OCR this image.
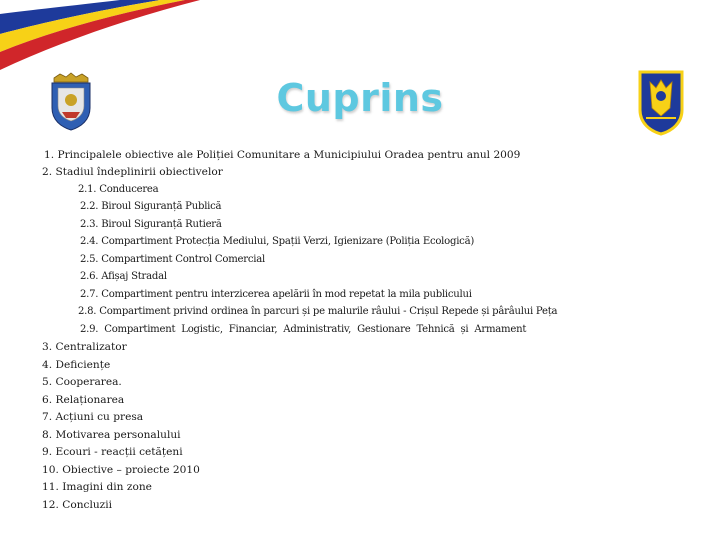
Cuprins
1. Principalele obiective ale Poliției Comunitare a Municipiului Oradea pentru anul 2009
2. Stadiul îndeplinirii obiectivelor
2.1. Conducerea
2.2. Biroul Siguranță Publică
2.3. Biroul Siguranță Rutieră
2.4. Compartiment Protecția Mediului, Spații Verzi, Igienizare (Poliția Ecologică)
2.5. Compartiment Control Comercial
2.6. Afișaj Stradal
2.7. Compartiment pentru interzicerea apelării în mod repetat la mila publicului
2.8. Compartiment privind ordinea în parcuri și pe malurile râului - Crișul Repede și pârâului Peța
2.9. Compartiment Logistic, Financiar, Administrativ, Gestionare Tehnică și Armament
3. Centralizator
4. Deficiențe
5. Cooperarea.
6. Relaționarea
7. Acțiuni cu presa
8. Motivarea personalului
9. Ecouri - reacții cetățeni
10. Obiective – proiecte 2010
11. Imagini din zone
12. Concluzii
